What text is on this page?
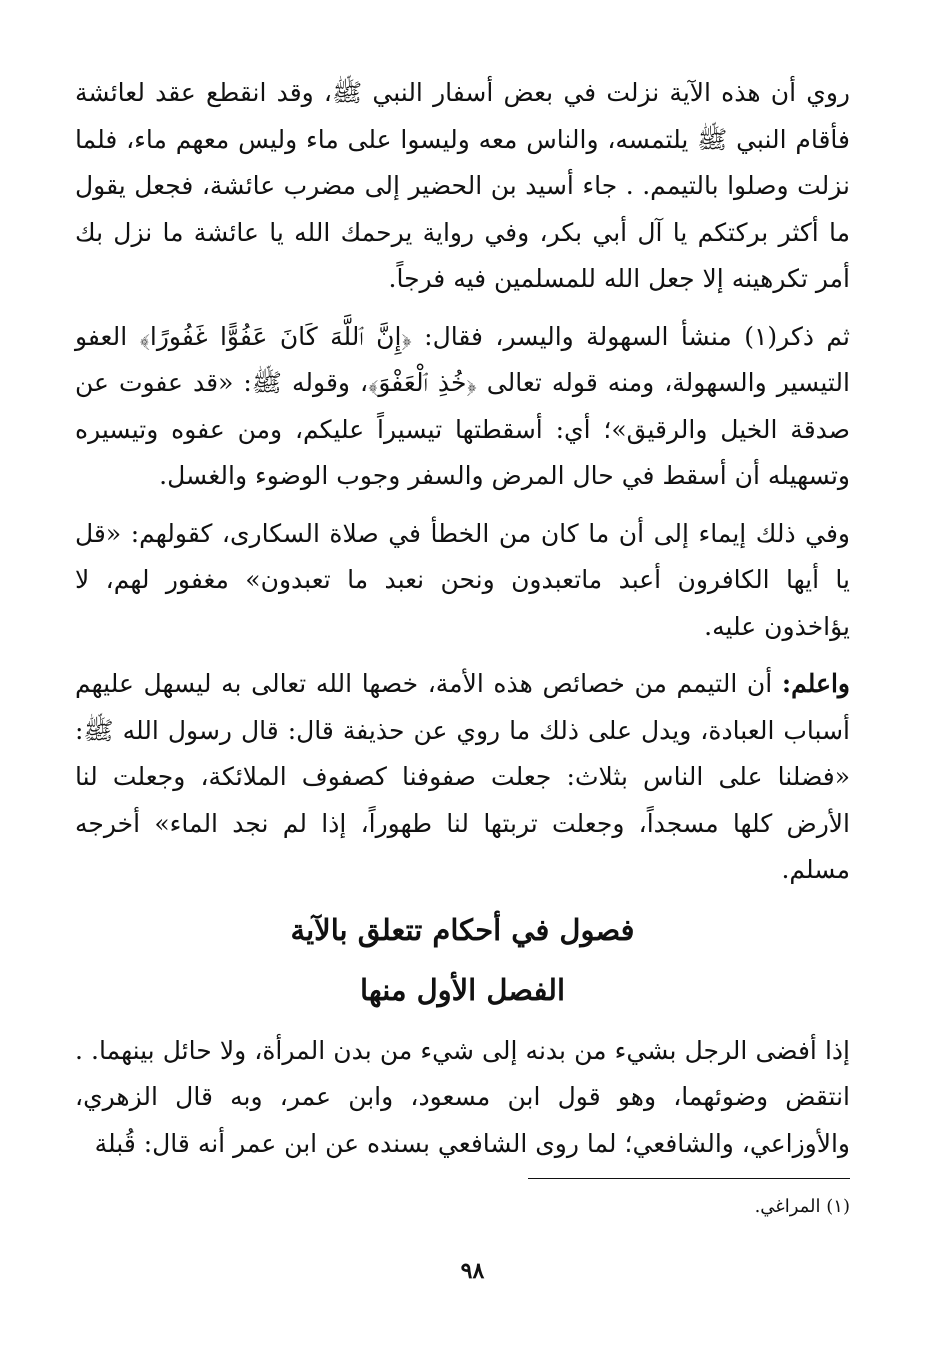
روي أن هذه الآية نزلت في بعض أسفار النبي ﷺ، وقد انقطع عقد لعائشة فأقام النبي ﷺ يلتمسه، والناس معه وليسوا على ماء وليس معهم ماء، فلما نزلت وصلوا بالتيمم. . جاء أسيد بن الحضير إلى مضرب عائشة، فجعل يقول ما أكثر بركتكم يا آل أبي بكر، وفي رواية يرحمك الله يا عائشة ما نزل بك أمر تكرهينه إلا جعل الله للمسلمين فيه فرجاً.

ثم ذكر(١) منشأ السهولة واليسر، فقال: ﴿إِنَّ ٱللَّهَ كَانَ عَفُوًّا غَفُورًا﴾ العفو التيسير والسهولة، ومنه قوله تعالى ﴿خُذِ ٱلْعَفْوَ﴾، وقوله ﷺ: «قد عفوت عن صدقة الخيل والرقيق»؛ أي: أسقطتها تيسيراً عليكم، ومن عفوه وتيسيره وتسهيله أن أسقط في حال المرض والسفر وجوب الوضوء والغسل.

وفي ذلك إيماء إلى أن ما كان من الخطأ في صلاة السكارى، كقولهم: «قل يا أيها الكافرون أعبد ماتعبدون ونحن نعبد ما تعبدون» مغفور لهم، لا يؤاخذون عليه.

واعلم: أن التيمم من خصائص هذه الأمة، خصها الله تعالى به ليسهل عليهم أسباب العبادة، ويدل على ذلك ما روي عن حذيفة قال: قال رسول الله ﷺ: «فضلنا على الناس بثلاث: جعلت صفوفنا كصفوف الملائكة، وجعلت لنا الأرض كلها مسجداً، وجعلت تربتها لنا طهوراً، إذا لم نجد الماء» أخرجه مسلم.

فصول في أحكام تتعلق بالآية
الفصل الأول منها

إذا أفضى الرجل بشيء من بدنه إلى شيء من بدن المرأة، ولا حائل بينهما. . انتقض وضوئهما، وهو قول ابن مسعود، وابن عمر، وبه قال الزهري، والأوزاعي، والشافعي؛ لما روى الشافعي بسنده عن ابن عمر أنه قال: قُبلة

(١) المراغي.
٩٨
